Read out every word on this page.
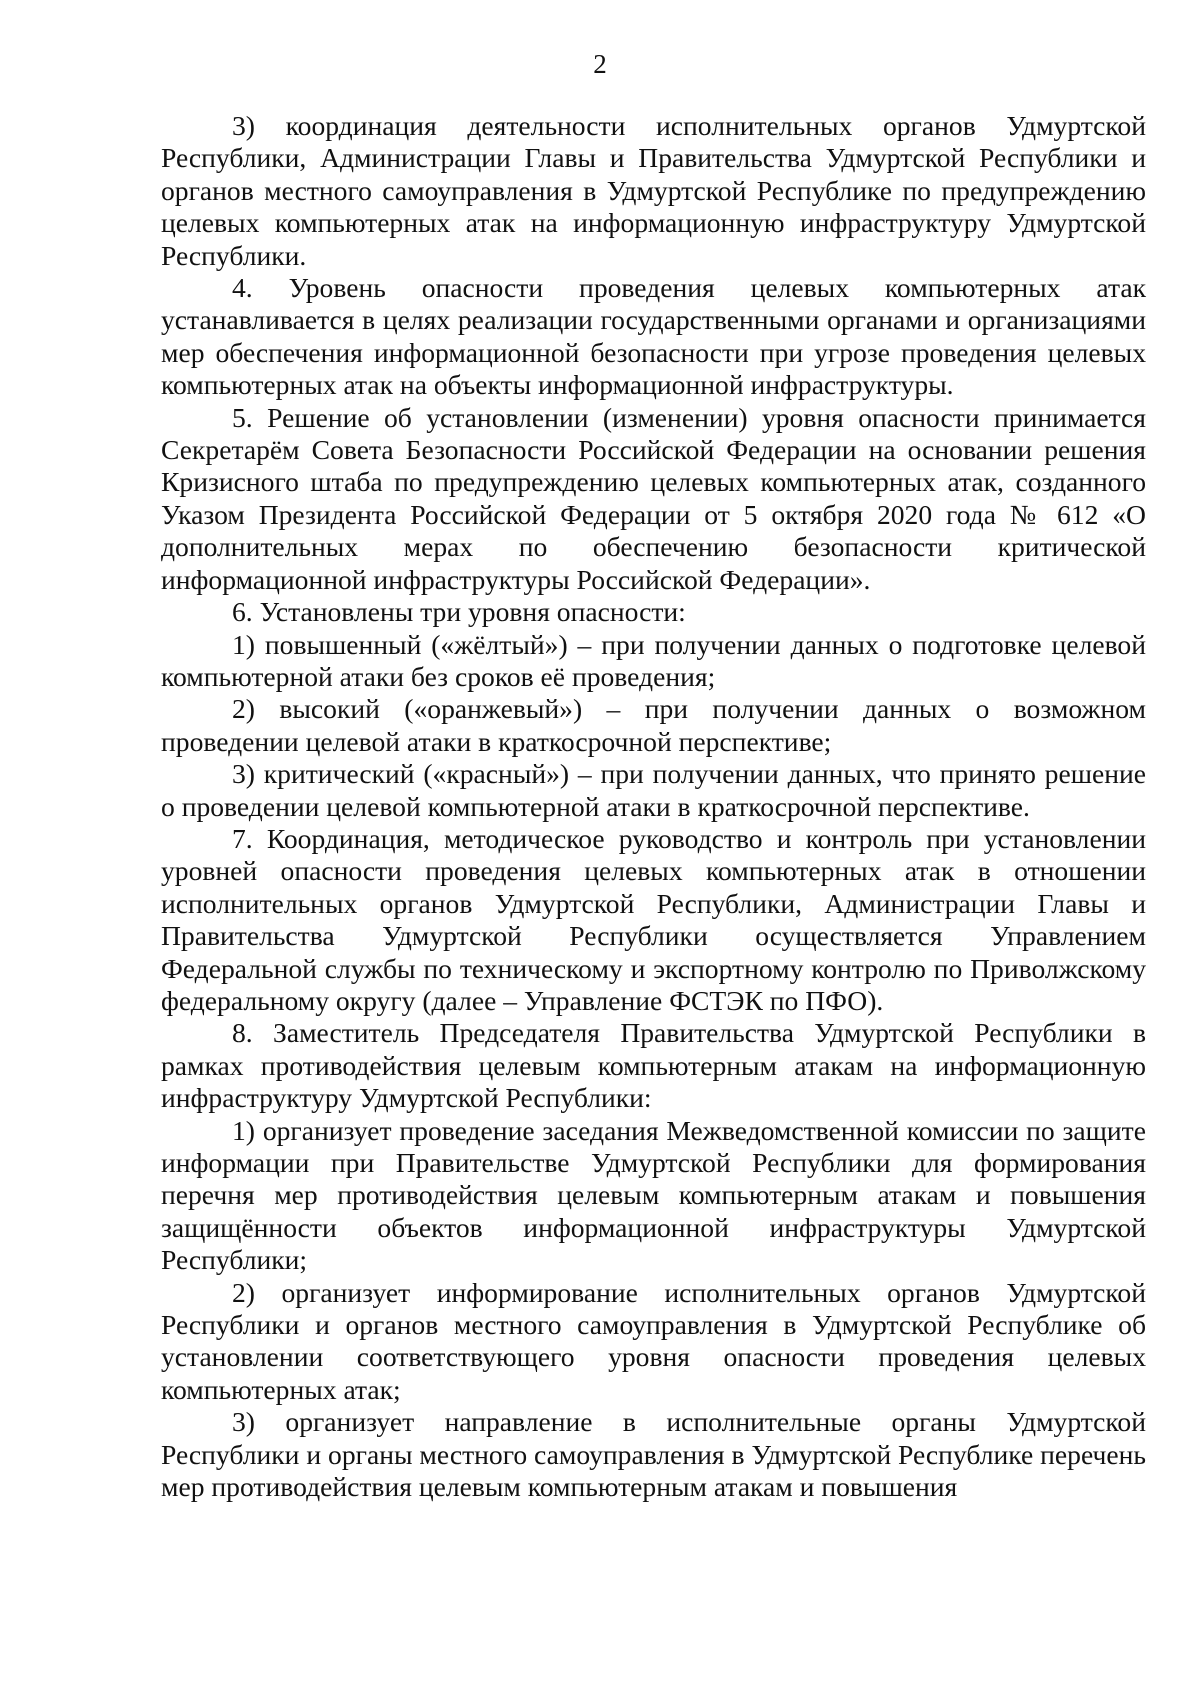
2

3) координация деятельности исполнительных органов Удмуртской Республики, Администрации Главы и Правительства Удмуртской Республики и органов местного самоуправления в Удмуртской Республике по предупреждению целевых компьютерных атак на информационную инфраструктуру Удмуртской Республики.

4. Уровень опасности проведения целевых компьютерных атак устанавливается в целях реализации государственными органами и организациями мер обеспечения информационной безопасности при угрозе проведения целевых компьютерных атак на объекты информационной инфраструктуры.

5. Решение об установлении (изменении) уровня опасности принимается Секретарём Совета Безопасности Российской Федерации на основании решения Кризисного штаба по предупреждению целевых компьютерных атак, созданного Указом Президента Российской Федерации от 5 октября 2020 года № 612 «О дополнительных мерах по обеспечению безопасности критической информационной инфраструктуры Российской Федерации».

6. Установлены три уровня опасности:

1) повышенный («жёлтый») – при получении данных о подготовке целевой компьютерной атаки без сроков её проведения;

2) высокий («оранжевый») – при получении данных о возможном проведении целевой атаки в краткосрочной перспективе;

3) критический («красный») – при получении данных, что принято решение о проведении целевой компьютерной атаки в краткосрочной перспективе.

7. Координация, методическое руководство и контроль при установлении уровней опасности проведения целевых компьютерных атак в отношении исполнительных органов Удмуртской Республики, Администрации Главы и Правительства Удмуртской Республики осуществляется Управлением Федеральной службы по техническому и экспортному контролю по Приволжскому федеральному округу (далее – Управление ФСТЭК по ПФО).

8. Заместитель Председателя Правительства Удмуртской Республики в рамках противодействия целевым компьютерным атакам на информационную инфраструктуру Удмуртской Республики:

1) организует проведение заседания Межведомственной комиссии по защите информации при Правительстве Удмуртской Республики для формирования перечня мер противодействия целевым компьютерным атакам и повышения защищённости объектов информационной инфраструктуры Удмуртской Республики;

2) организует информирование исполнительных органов Удмуртской Республики и органов местного самоуправления в Удмуртской Республике об установлении соответствующего уровня опасности проведения целевых компьютерных атак;

3) организует направление в исполнительные органы Удмуртской Республики и органы местного самоуправления в Удмуртской Республике перечень мер противодействия целевым компьютерным атакам и повышения
